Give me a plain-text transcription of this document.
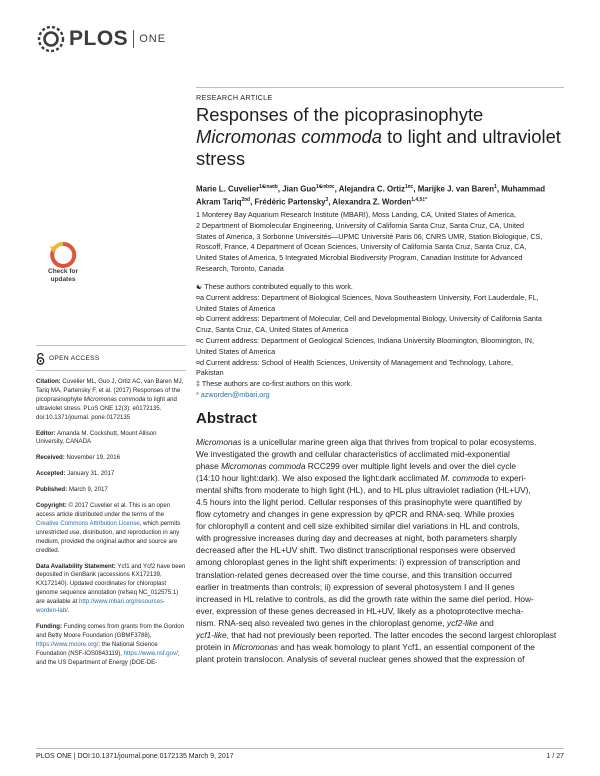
PLOS ONE
Check for
updates
RESEARCH ARTICLE
Responses of the picoprasinophyte
Micromonas commoda to light and ultraviolet stress
Marie L. Cuvelier$^{1☯¤a¤b}$, Jian Guo$^{1☯¤b¤c}$, Alejandra C. Ortiz$^{1¤c}$, Marijke J. van Baren$^1$, Muhammad Akram Tariq$^{2¤d}$, Frédéric Partensky$^3$, Alexandra Z. Worden$^{1,4,5\ddagger*}$
1 Monterey Bay Aquarium Research Institute (MBARI), Moss Landing, CA, United States of America,
2 Department of Biomolecular Engineering, University of California Santa Cruz, Santa Cruz, CA, United
States of America, 3 Sorbonne Universités—UPMC Université Paris 06, CNRS UMR, Station Biologique, CS,
Roscoff, France, 4 Department of Ocean Sciences, University of California Santa Cruz, Santa Cruz, CA,
United States of America, 5 Integrated Microbial Biodiversity Program, Canadian Institute for Advanced
Research, Toronto, Canada
☯ These authors contributed equally to this work.
¤a Current address: Department of Biological Sciences, Nova Southeastern University, Fort Lauderdale, FL,
United States of America
¤b Current address: Department of Molecular, Cell and Developmental Biology, University of California Santa
Cruz, Santa Cruz, CA, United States of America
¤c Current address: Department of Geological Sciences, Indiana University Bloomington, Bloomington, IN,
United States of America
¤d Current address: School of Health Sciences, University of Management and Technology, Lahore,
Pakistan
‡ These authors are co-first authors on this work.
* azworden@mbari.org
Abstract
Micromonas is a unicellular marine green alga that thrives from tropical to polar ecosystems.
We investigated the growth and cellular characteristics of acclimated mid-exponential
phase Micromonas commoda RCC299 over multiple light levels and over the diel cycle
(14:10 hour light:dark). We also exposed the light:dark acclimated M. commoda to experi-
mental shifts from moderate to high light (HL), and to HL plus ultraviolet radiation (HL+UV),
4.5 hours into the light period. Cellular responses of this prasinophyte were quantified by
flow cytometry and changes in gene expression by qPCR and RNA-seq. While proxies
for chlorophyll a content and cell size exhibited similar diel variations in HL and controls,
with progressive increases during day and decreases at night, both parameters sharply
decreased after the HL+UV shift. Two distinct transcriptional responses were observed
among chloroplast genes in the light shift experiments: i) expression of transcription and
translation-related genes decreased over the time course, and this transition occurred
earlier in treatments than controls; ii) expression of several photosystem I and II genes
increased in HL relative to controls, as did the growth rate within the same diel period. How-
ever, expression of these genes decreased in HL+UV, likely as a photoprotective mecha-
nism. RNA-seq also revealed two genes in the chloroplast genome, ycf2-like and
ycf1-like, that had not previously been reported. The latter encodes the second largest chloroplast
protein in Micromonas and has weak homology to plant Ycf1, an essential component of the
plant protein translocon. Analysis of several nuclear genes showed that the expression of
OPEN ACCESS

Citation: Cuvelier ML, Guo J, Ortiz AC, van Baren MJ, Tariq MA, Partensky F, et al. (2017) Responses of the picoprasinophyte Micromonas commoda to light and ultraviolet stress. PLoS ONE 12(3): e0172135. doi:10.1371/journal. pone.0172135

Editor: Amanda M. Cockshutt, Mount Allison University, CANADA

Received: November 19, 2016

Accepted: January 31, 2017

Published: March 9, 2017

Copyright: © 2017 Cuvelier et al. This is an open access article distributed under the terms of the Creative Commons Attribution License, which permits unrestricted use, distribution, and reproduction in any medium, provided the original author and source are credited.

Data Availability Statement: Ycf1 and Ycf2 have been deposited in GenBank (accessions KX172139, KX172140). Updated coordinates for chloroplast genome sequence annotation (refseq NC_012575.1) are available at http://www.mbari.org/resources-worden-lab/.

Funding: Funding comes from grants from the Gordon and Betty Moore Foundation (GBMF3788), https://www.moore.org/; the National Science Foundation (NSF-IOS0843119), https://www.nsf.gov/; and the US Department of Energy (DOE-DE-

PLOS ONE | DOI:10.1371/journal.pone.0172135 March 9, 2017	1 / 27
